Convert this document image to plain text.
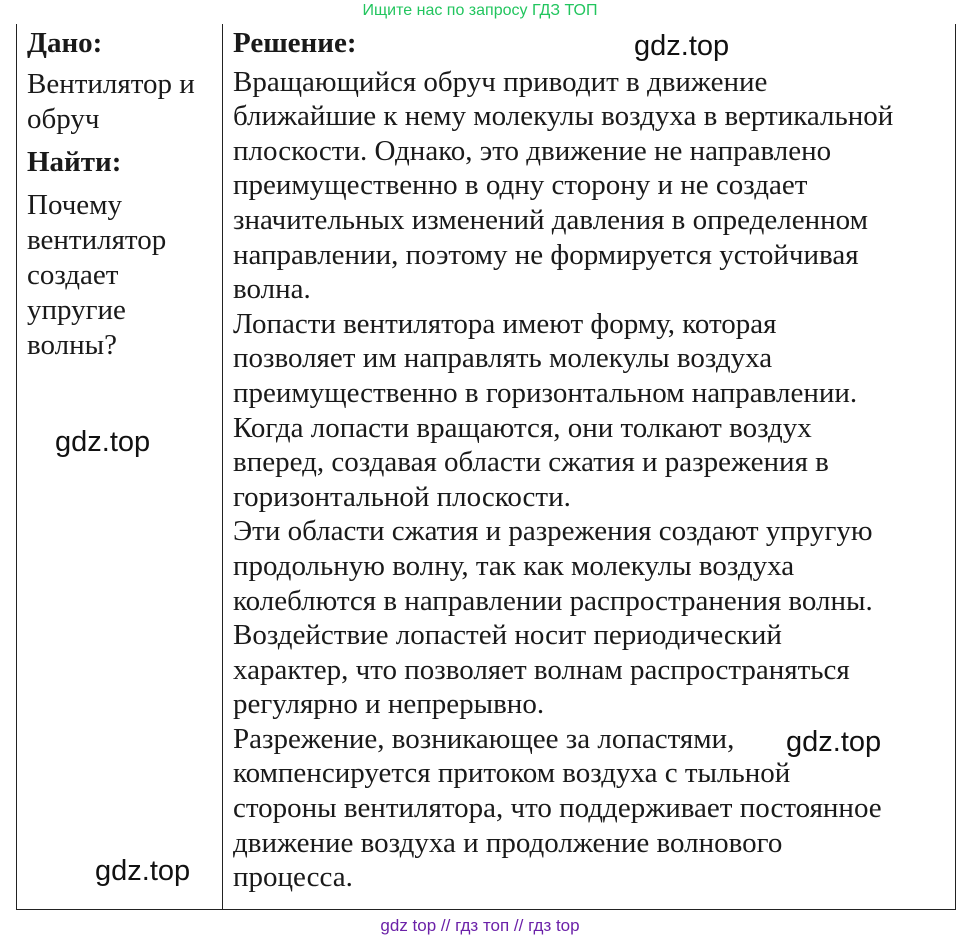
Ищите нас по запросу ГДЗ ТОП
Дано:
Вентилятор и
обруч
Найти:
Почему
вентилятор
создает
упругие
волны?
Решение:

Вращающийся обруч приводит в движение

ближайшие к нему молекулы воздуха в вертикальной

плоскости. Однако, это движение не направлено

преимущественно в одну сторону и не создает

значительных изменений давления в определенном

направлении, поэтому не формируется устойчивая

волна.

Лопасти вентилятора имеют форму, которая

позволяет им направлять молекулы воздуха

преимущественно в горизонтальном направлении.

Когда лопасти вращаются, они толкают воздух

вперед, создавая области сжатия и разрежения в

горизонтальной плоскости.

Эти области сжатия и разрежения создают упругую

продольную волну, так как молекулы воздуха

колеблются в направлении распространения волны.

Воздействие лопастей носит периодический

характер, что позволяет волнам распространяться

регулярно и непрерывно.

Разрежение, возникающее за лопастями,

компенсируется притоком воздуха с тыльной

стороны вентилятора, что поддерживает постоянное

движение воздуха и продолжение волнового

процесса.

gdz.top
gdz.top
gdz.top
gdz.top
gdz top // гдз топ // гдз top
